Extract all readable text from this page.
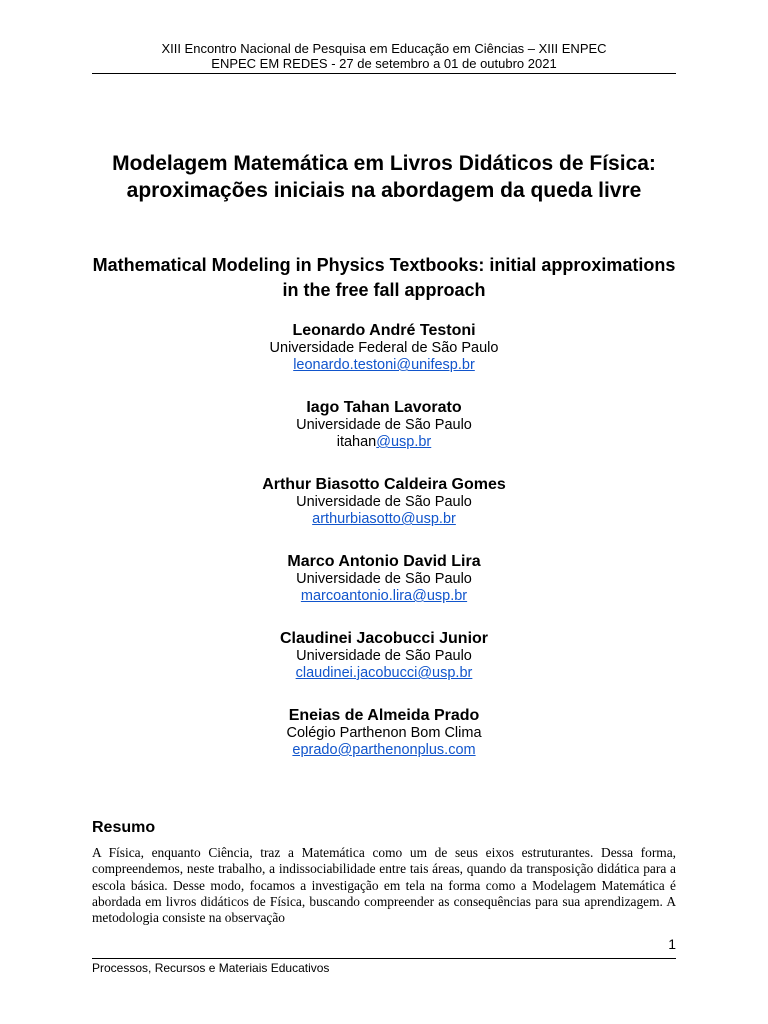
XIII Encontro Nacional de Pesquisa em Educação em Ciências – XIII ENPEC
ENPEC EM REDES - 27 de setembro a 01 de outubro 2021
Modelagem Matemática em Livros Didáticos de Física: aproximações iniciais na abordagem da queda livre
Mathematical Modeling in Physics Textbooks: initial approximations in the free fall approach
Leonardo André Testoni
Universidade Federal de São Paulo
leonardo.testoni@unifesp.br
Iago Tahan Lavorato
Universidade de São Paulo
itahan@usp.br
Arthur Biasotto Caldeira Gomes
Universidade de São Paulo
arthurbiasotto@usp.br
Marco Antonio David Lira
Universidade de São Paulo
marcoantonio.lira@usp.br
Claudinei Jacobucci Junior
Universidade de São Paulo
claudinei.jacobucci@usp.br
Eneias de Almeida Prado
Colégio Parthenon Bom Clima
eprado@parthenonplus.com
Resumo

A Física, enquanto Ciência, traz a Matemática como um de seus eixos estruturantes. Dessa forma, compreendemos, neste trabalho, a indissociabilidade entre tais áreas, quando da transposição didática para a escola básica. Desse modo, focamos a investigação em tela na forma como a Modelagem Matemática é abordada em livros didáticos de Física, buscando compreender as consequências para sua aprendizagem. A metodologia consiste na observação

1
Processos, Recursos e Materiais Educativos
